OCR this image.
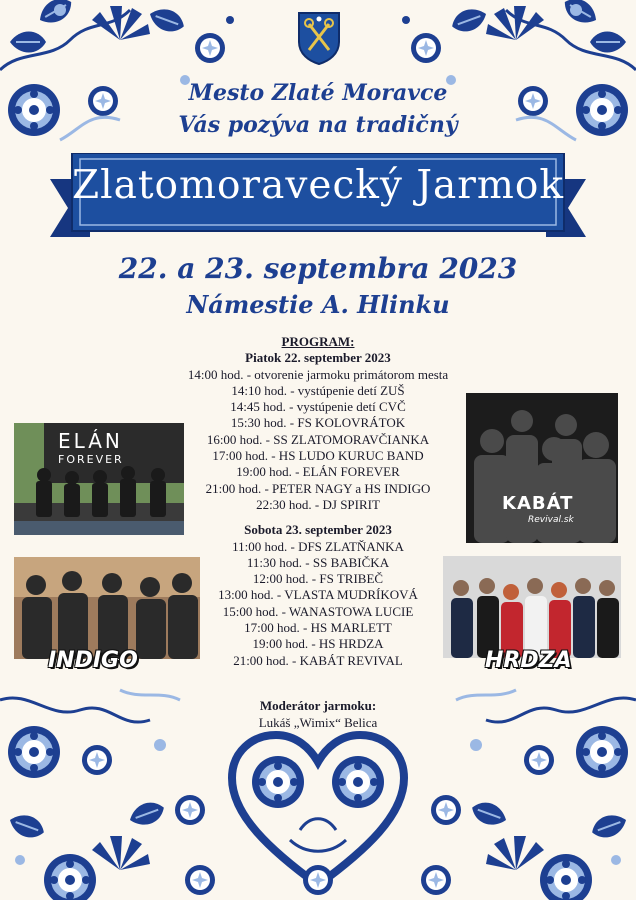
Mesto Zlaté Moravce
Vás pozýva na tradičný
Zlatomoravecký Jarmok
22. a 23. septembra 2023
Námestie A. Hlinku
PROGRAM:
Piatok 22. september 2023
14:00 hod. - otvorenie jarmoku primátorom mesta
14:10 hod. - vystúpenie detí ZUŠ
14:45 hod. - vystúpenie detí CVČ
15:30 hod. - FS KOLOVRÁTOK
16:00 hod. - SS ZLATOMORAVČIANKA
17:00 hod. - HS LUDO KURUC BAND
19:00 hod. - ELÁN FOREVER
21:00 hod. - PETER NAGY a HS INDIGO
22:30 hod. - DJ SPIRIT
Sobota 23. september 2023
11:00 hod. - DFS ZLATŇANKA
11:30 hod. - SS BABIČKA
12:00 hod. - FS TRIBEČ
13:00 hod. - VLASTA MUDRÍKOVÁ
15:00 hod. - WANASTOWA LUCIE
17:00 hod. - HS MARLETT
19:00 hod. - HS HRDZA
21:00 hod. - KABÁT REVIVAL
ELÁN
FOREVER
KABÁT
Revival.sk
INDIGO	HRDZA
Moderátor jarmoku:
Lukáš „Wimix“ Belica
